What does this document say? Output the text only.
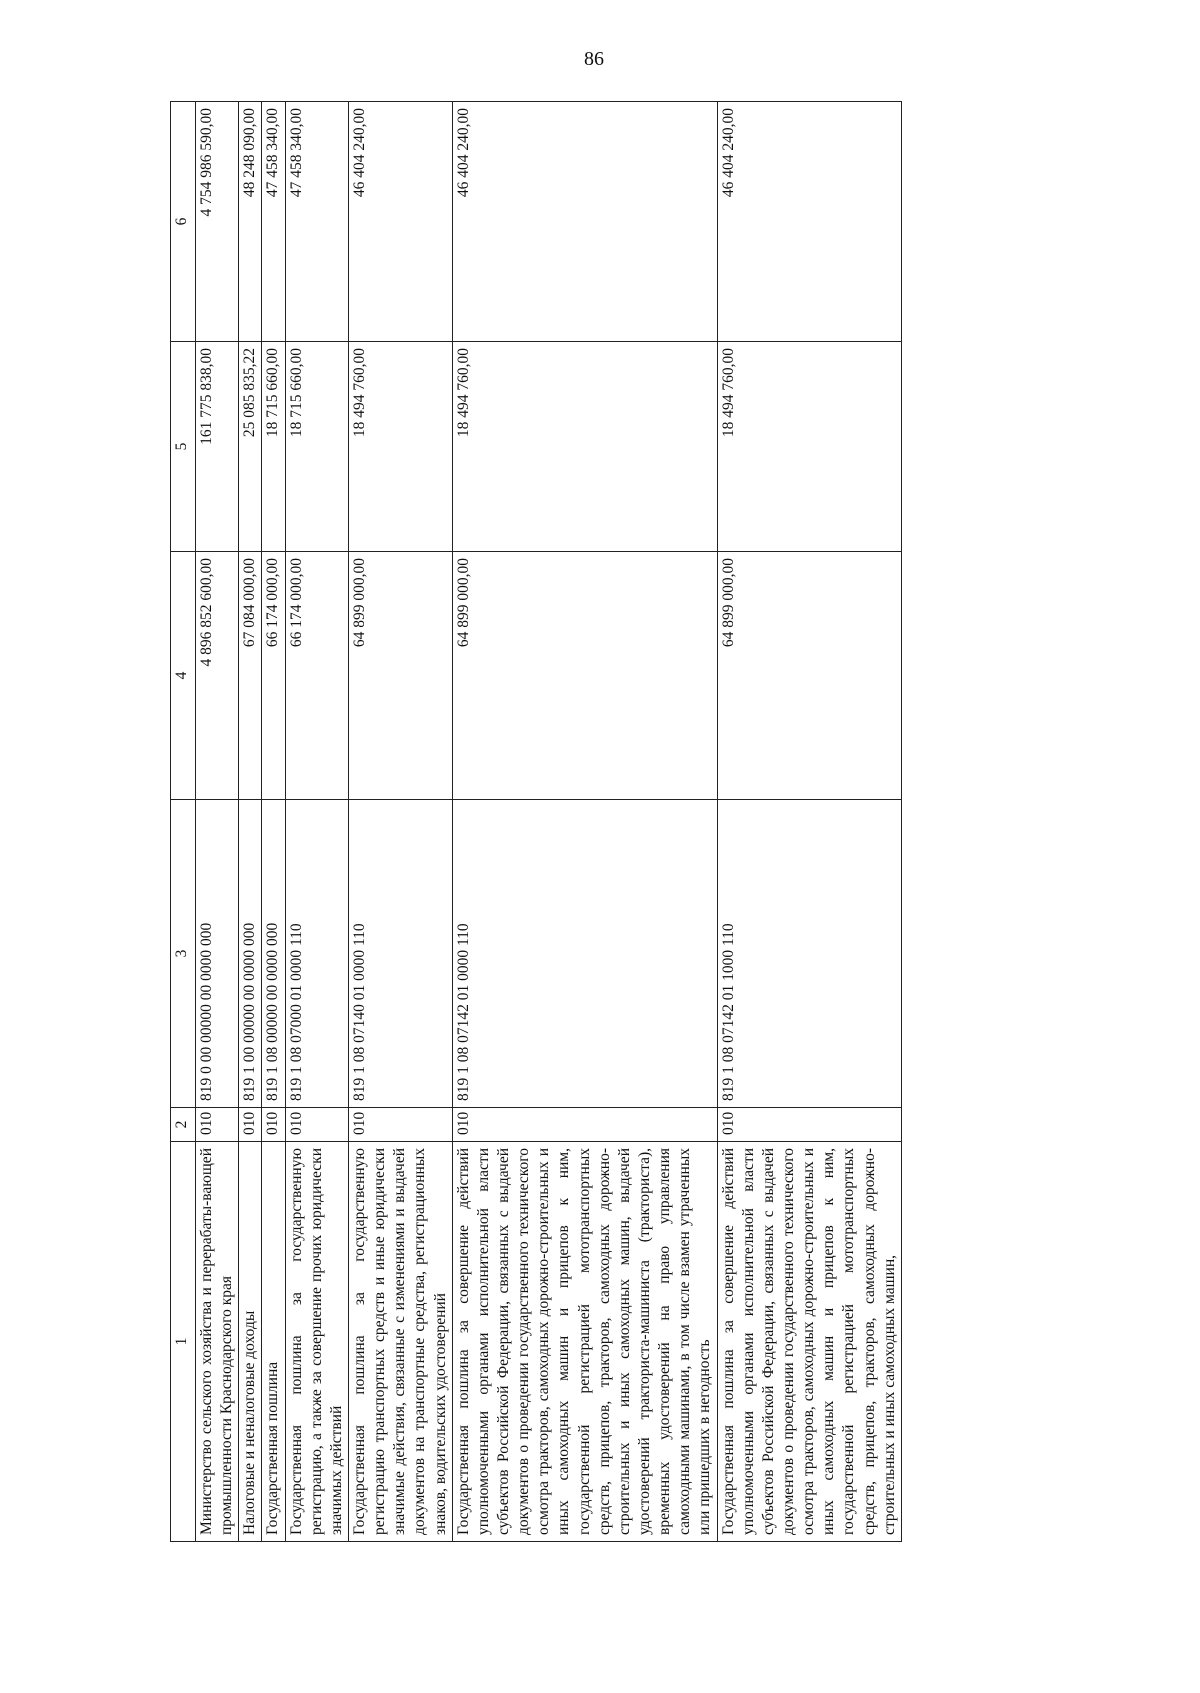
86
1	2	3	4	5	6
Министерство сельского хозяйства и перерабаты-вающей промышленности Краснодарского края	010	819 0 00 00000 00 0000 000	4 896 852 600,00	161 775 838,00	4 754 986 590,00
Налоговые и неналоговые доходы	010	819 1 00 00000 00 0000 000	67 084 000,00	25 085 835,22	48 248 090,00
Государственная пошлина	010	819 1 08 00000 00 0000 000	66 174 000,00	18 715 660,00	47 458 340,00
Государственная пошлина за государственную регистрацию, а также за совершение прочих юридически значимых действий	010	819 1 08 07000 01 0000 110	66 174 000,00	18 715 660,00	47 458 340,00
Государственная пошлина за государственную регистрацию транспортных средств и иные юридически значимые действия, связанные с изменениями и выдачей документов на транспортные средства, регистрационных знаков, водительских удостоверений	010	819 1 08 07140 01 0000 110	64 899 000,00	18 494 760,00	46 404 240,00
Государственная пошлина за совершение действий уполномоченными органами исполнительной власти субъектов Российской Федерации, связанных с выдачей документов о проведении государственного технического осмотра тракторов, самоходных дорожно-строительных и иных самоходных машин и прицепов к ним, государственной регистрацией мототранспортных средств, прицепов, тракторов, самоходных дорожно-строительных и иных самоходных машин, выдачей удостоверений тракториста-машиниста (тракториста), временных удостоверений на право управления самоходными машинами, в том числе взамен утраченных или пришедших в негодность	010	819 1 08 07142 01 0000 110	64 899 000,00	18 494 760,00	46 404 240,00
Государственная пошлина за совершение действий уполномоченными органами исполнительной власти субъектов Российской Федерации, связанных с выдачей документов о проведении государственного технического осмотра тракторов, самоходных дорожно-строительных и иных самоходных машин и прицепов к ним, государственной регистрацией мототранспортных средств, прицепов, тракторов, самоходных дорожно-строительных и иных самоходных машин,	010	819 1 08 07142 01 1000 110	64 899 000,00	18 494 760,00	46 404 240,00
